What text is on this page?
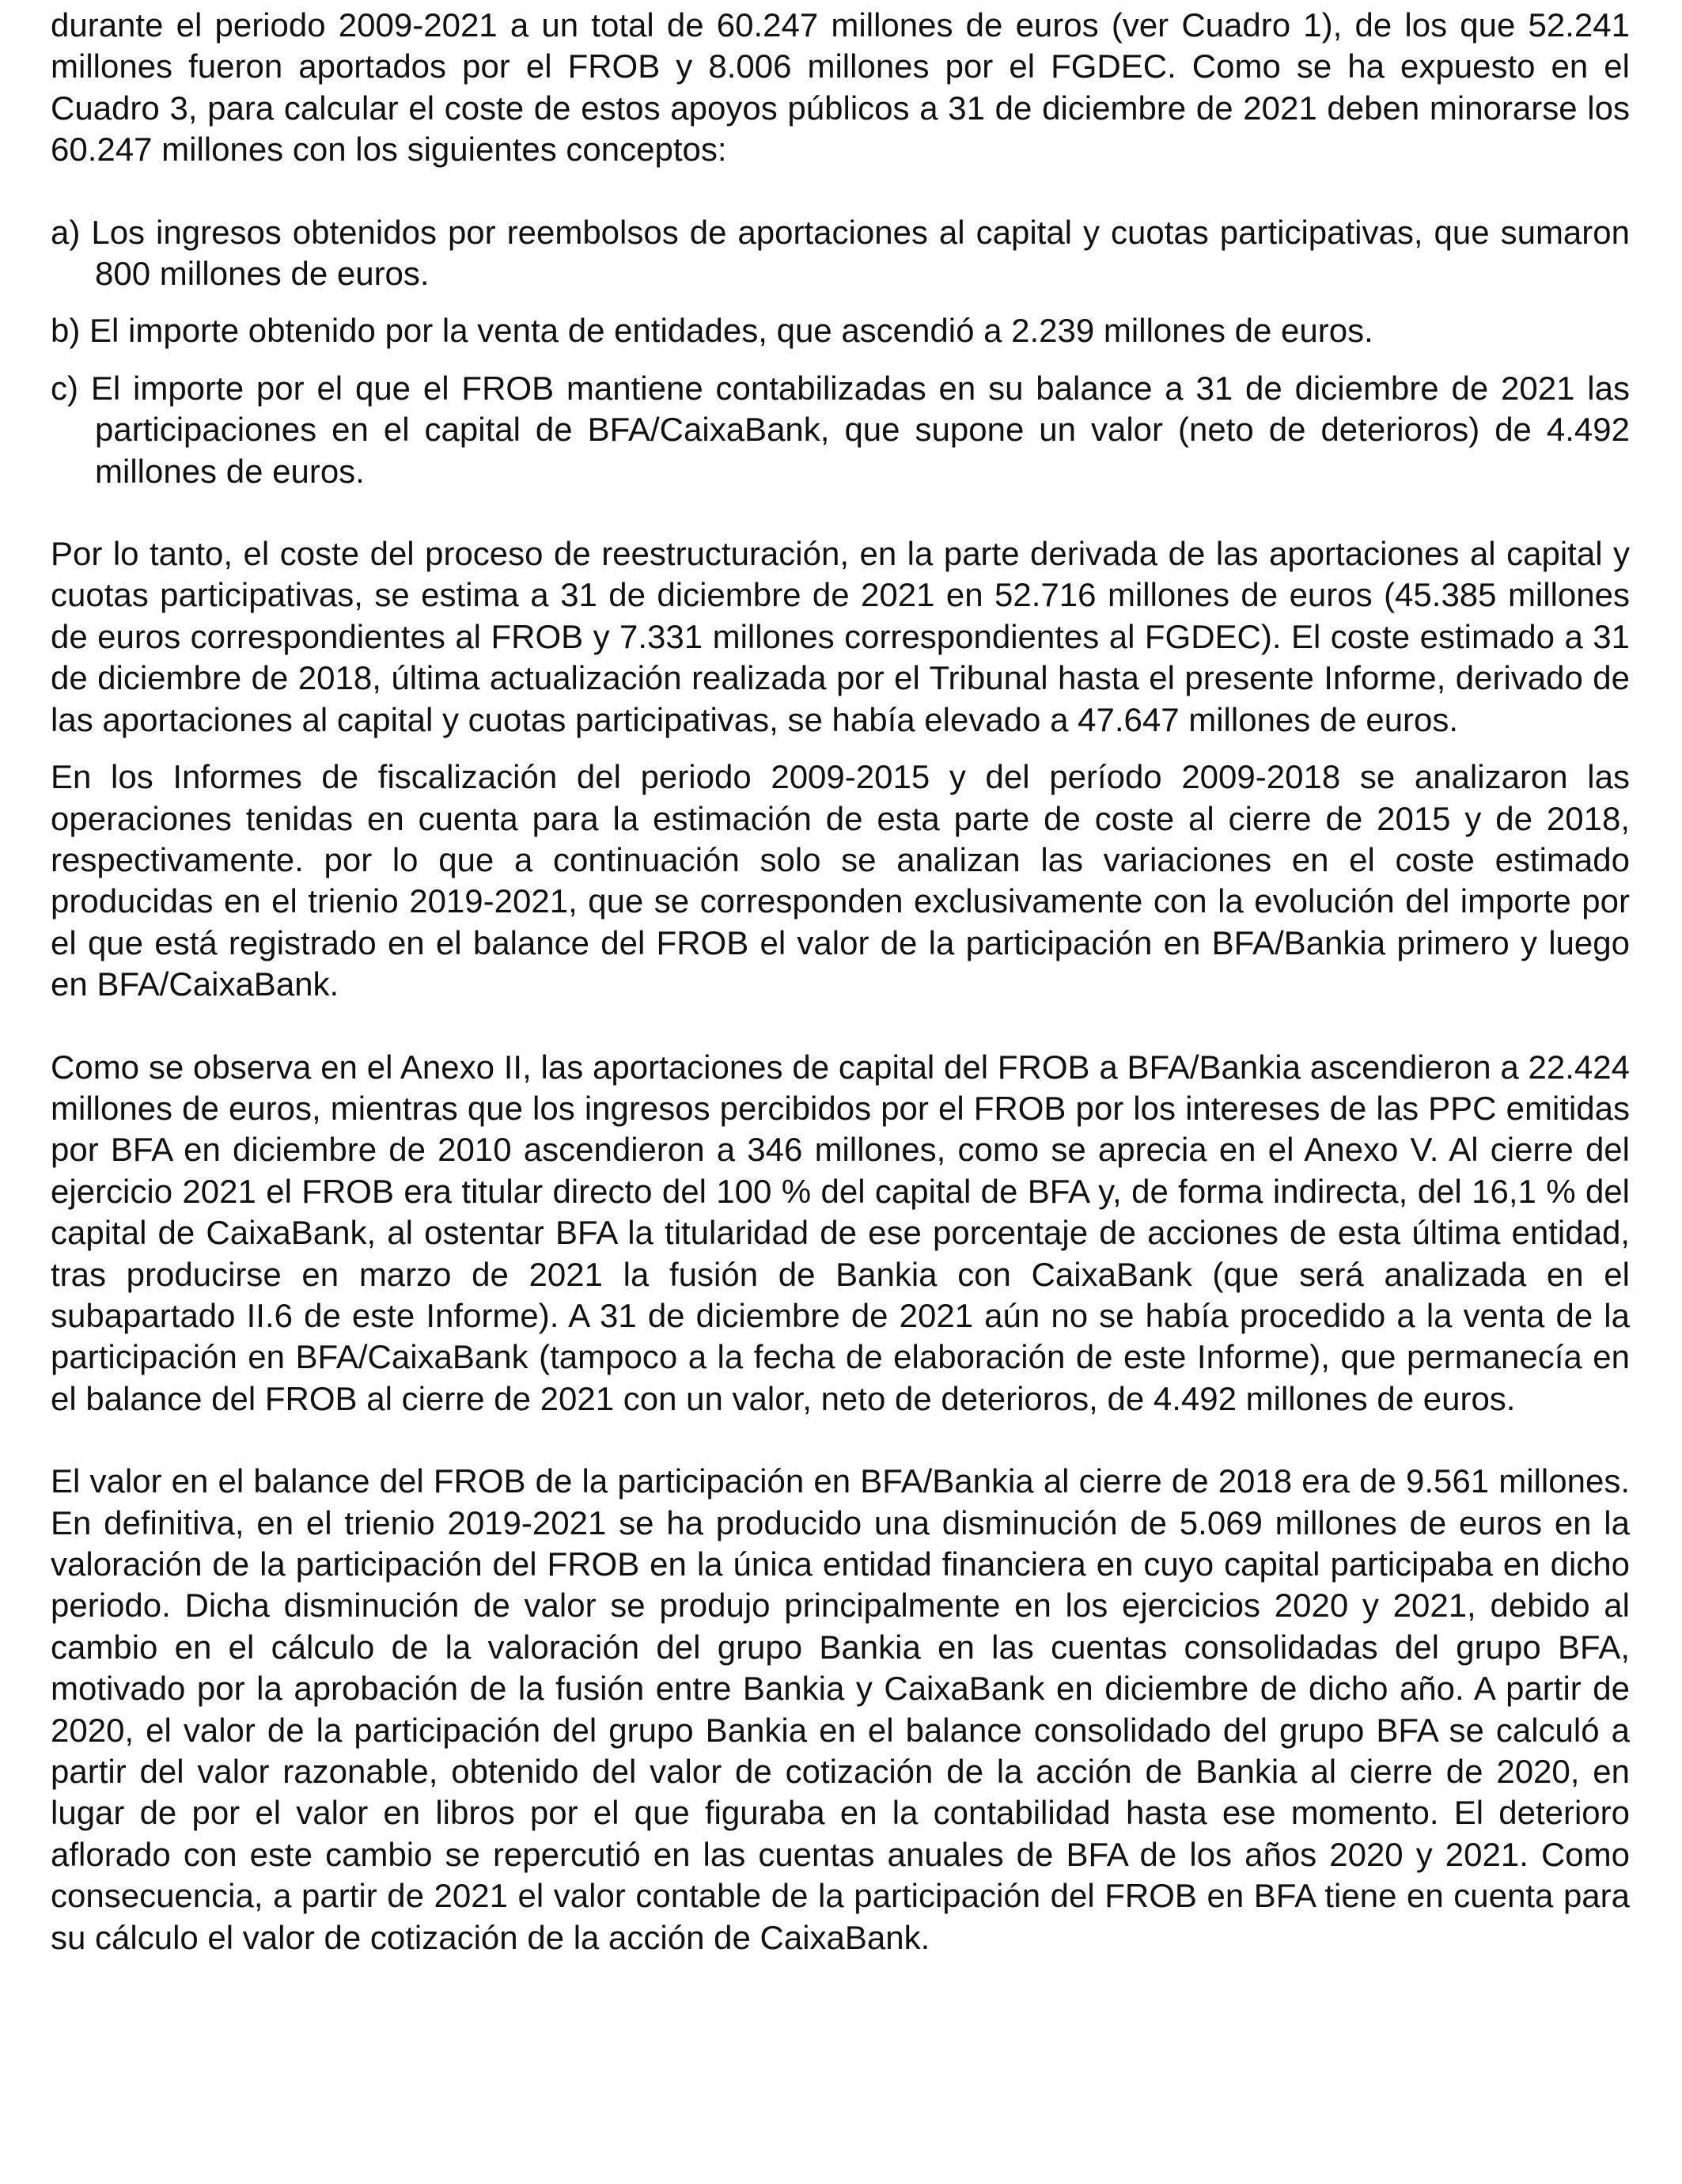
durante el periodo 2009-2021 a un total de 60.247 millones de euros (ver Cuadro 1), de los que 52.241 millones fueron aportados por el FROB y 8.006 millones por el FGDEC. Como se ha expuesto en el Cuadro 3, para calcular el coste de estos apoyos públicos a 31 de diciembre de 2021 deben minorarse los 60.247 millones con los siguientes conceptos:

a) Los ingresos obtenidos por reembolsos de aportaciones al capital y cuotas participativas, que sumaron 800 millones de euros.

b) El importe obtenido por la venta de entidades, que ascendió a 2.239 millones de euros.

c) El importe por el que el FROB mantiene contabilizadas en su balance a 31 de diciembre de 2021 las participaciones en el capital de BFA/CaixaBank, que supone un valor (neto de deterioros) de 4.492 millones de euros.

Por lo tanto, el coste del proceso de reestructuración, en la parte derivada de las aportaciones al capital y cuotas participativas, se estima a 31 de diciembre de 2021 en 52.716 millones de euros (45.385 millones de euros correspondientes al FROB y 7.331 millones correspondientes al FGDEC). El coste estimado a 31 de diciembre de 2018, última actualización realizada por el Tribunal hasta el presente Informe, derivado de las aportaciones al capital y cuotas participativas, se había elevado a 47.647 millones de euros.

En los Informes de fiscalización del periodo 2009-2015 y del período 2009-2018 se analizaron las operaciones tenidas en cuenta para la estimación de esta parte de coste al cierre de 2015 y de 2018, respectivamente. por lo que a continuación solo se analizan las variaciones en el coste estimado producidas en el trienio 2019-2021, que se corresponden exclusivamente con la evolución del importe por el que está registrado en el balance del FROB el valor de la participación en BFA/Bankia primero y luego en BFA/CaixaBank.

Como se observa en el Anexo II, las aportaciones de capital del FROB a BFA/Bankia ascendieron a 22.424 millones de euros, mientras que los ingresos percibidos por el FROB por los intereses de las PPC emitidas por BFA en diciembre de 2010 ascendieron a 346 millones, como se aprecia en el Anexo V. Al cierre del ejercicio 2021 el FROB era titular directo del 100 % del capital de BFA y, de forma indirecta, del 16,1 % del capital de CaixaBank, al ostentar BFA la titularidad de ese porcentaje de acciones de esta última entidad, tras producirse en marzo de 2021 la fusión de Bankia con CaixaBank (que será analizada en el subapartado II.6 de este Informe). A 31 de diciembre de 2021 aún no se había procedido a la venta de la participación en BFA/CaixaBank (tampoco a la fecha de elaboración de este Informe), que permanecía en el balance del FROB al cierre de 2021 con un valor, neto de deterioros, de 4.492 millones de euros.

El valor en el balance del FROB de la participación en BFA/Bankia al cierre de 2018 era de 9.561 millones. En definitiva, en el trienio 2019-2021 se ha producido una disminución de 5.069 millones de euros en la valoración de la participación del FROB en la única entidad financiera en cuyo capital participaba en dicho periodo. Dicha disminución de valor se produjo principalmente en los ejercicios 2020 y 2021, debido al cambio en el cálculo de la valoración del grupo Bankia en las cuentas consolidadas del grupo BFA, motivado por la aprobación de la fusión entre Bankia y CaixaBank en diciembre de dicho año. A partir de 2020, el valor de la participación del grupo Bankia en el balance consolidado del grupo BFA se calculó a partir del valor razonable, obtenido del valor de cotización de la acción de Bankia al cierre de 2020, en lugar de por el valor en libros por el que figuraba en la contabilidad hasta ese momento. El deterioro aflorado con este cambio se repercutió en las cuentas anuales de BFA de los años 2020 y 2021. Como consecuencia, a partir de 2021 el valor contable de la participación del FROB en BFA tiene en cuenta para su cálculo el valor de cotización de la acción de CaixaBank.
